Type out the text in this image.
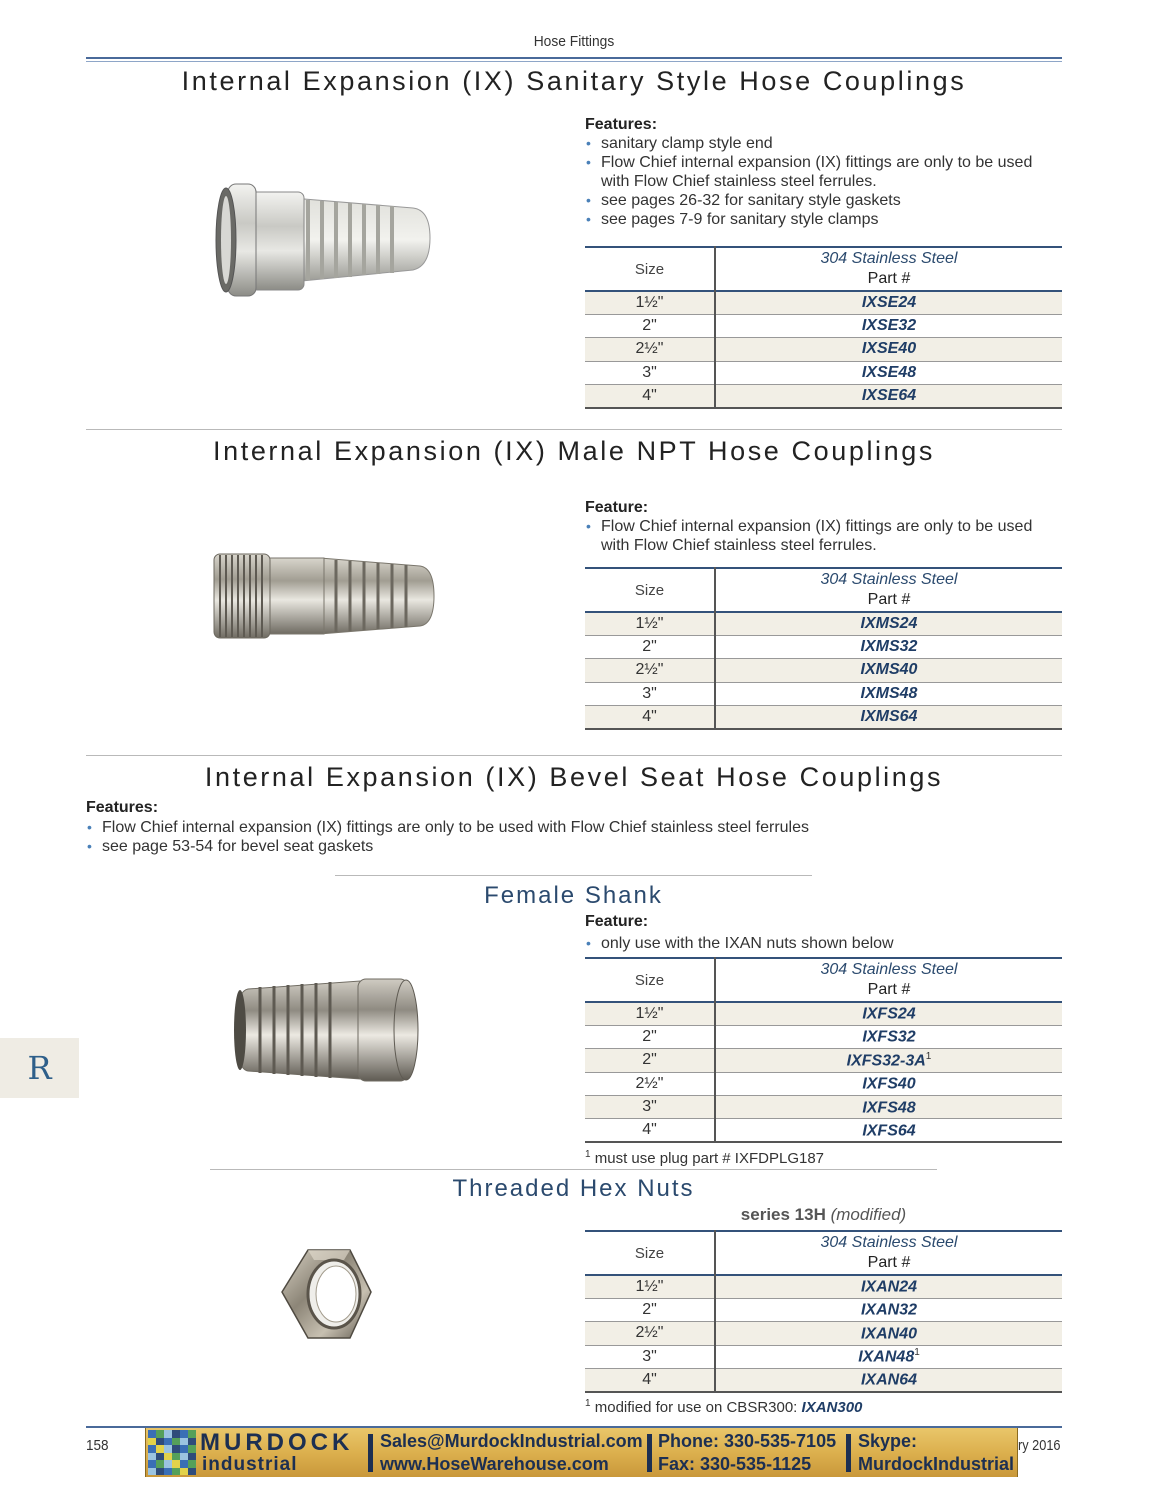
Hose Fittings
Internal Expansion (IX) Sanitary Style Hose Couplings
Features:
• sanitary clamp style end
• Flow Chief internal expansion (IX) fittings are only to be used with Flow Chief stainless steel ferrules.
• see pages 26-32 for sanitary style gaskets
• see pages 7-9 for sanitary style clamps
Size	304 Stainless Steel
Part #

1½"	IXSE24
2"	IXSE32
2½"	IXSE40
3"	IXSE48
4"	IXSE64
Internal Expansion (IX) Male NPT Hose Couplings
Feature:
• Flow Chief internal expansion (IX) fittings are only to be used with Flow Chief stainless steel ferrules.
Size	304 Stainless Steel
Part #

1½"	IXMS24
2"	IXMS32
2½"	IXMS40
3"	IXMS48
4"	IXMS64
Internal Expansion (IX) Bevel Seat Hose Couplings
Features:
• Flow Chief internal expansion (IX) fittings are only to be used with Flow Chief stainless steel ferrules
• see page 53-54 for bevel seat gaskets
Female Shank
Feature:
• only use with the IXAN nuts shown below
Size	304 Stainless Steel
Part #

1½"	IXFS24
2"	IXFS32
2"	$IXFS32-3A^1$
2½"	IXFS40
3"	IXFS48
4"	IXFS64
$^1$ must use plug part # IXFDPLG187
Threaded Hex Nuts
series 13H (modified)
Size	304 Stainless Steel
Part #

1½"	IXAN24
2"	IXAN32
2½"	IXAN40
3"	$IXAN48^1$
4"	IXAN64
$^1$ modified for use on CBSR300: IXAN300
R
158	ry 2016
MURDOCK
industrial
Sales@MurdockIndustrial.com
www.HoseWarehouse.com
Phone: 330-535-7105
Fax: 330-535-1125
Skype:
MurdockIndustrial
